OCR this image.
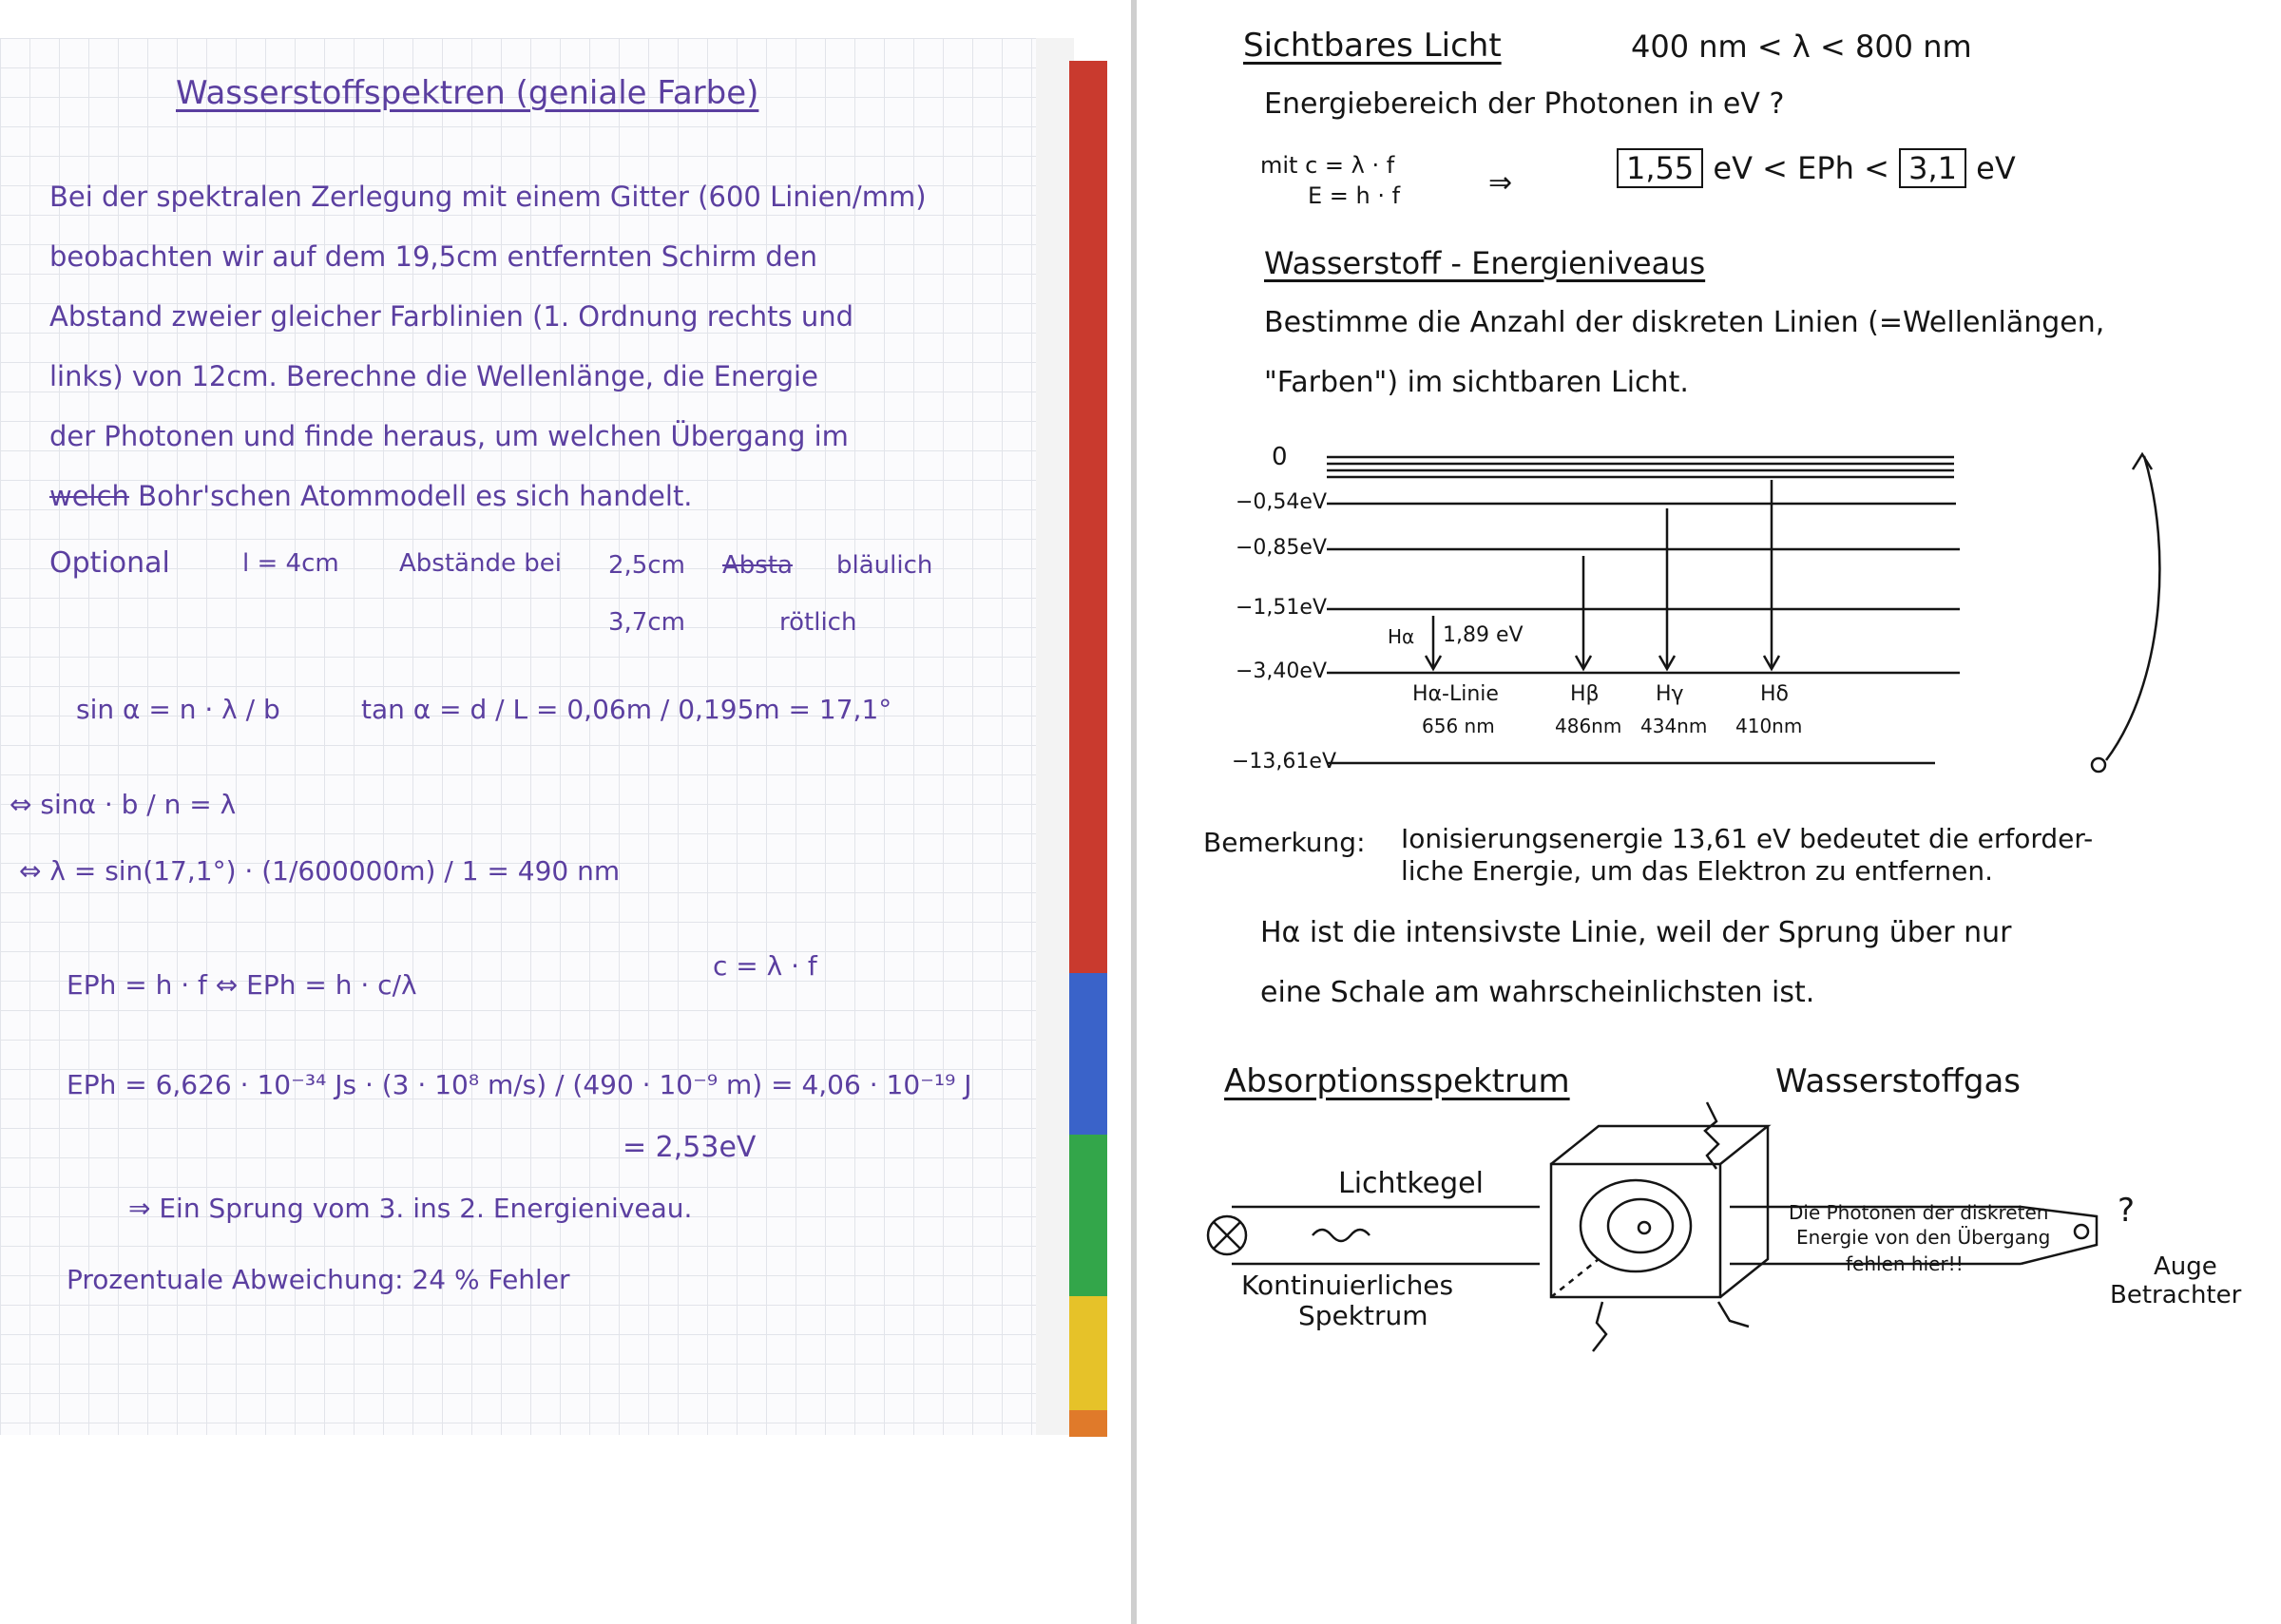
Wasserstoffspektren (geniale Farbe)
Bei der spektralen Zerlegung mit einem Gitter (600 Linien/mm)
beobachten wir auf dem 19,5cm entfernten Schirm den
Abstand zweier gleicher Farblinien (1. Ordnung rechts und
links) von 12cm. Berechne die Wellenlänge, die Energie
der Photonen und finde heraus, um welchen Übergang im
welch Bohr'schen Atommodell es sich handelt.
Optional	l = 4cm Abstände bei 2,5cm Absta bläulich
3,7cm	rötlich
sin α = n · λ / b	tan α = d / L = 0,06m / 0,195m = 17,1°
⇔ sinα · b / n = λ
⇔ λ = sin(17,1°) · (1/600000m) / 1 = 490 nm
EPh = h · f ⇔ EPh = h · c/λ
c = λ · f
EPh = 6,626 · 10⁻³⁴ Js · (3 · 10⁸ m/s) / (490 · 10⁻⁹ m) = 4,06 · 10⁻¹⁹ J
= 2,53eV
⇒ Ein Sprung vom 3. ins 2. Energieniveau.
Prozentuale Abweichung: 24 % Fehler
Sichtbares Licht	400 nm < λ < 800 nm
Energiebereich der Photonen in eV ?
mit c = λ · f
E = h · f	⇒	1,55 eV < EPh < 3,1 eV
Wasserstoff - Energieniveaus
Bestimme die Anzahl der diskreten Linien (=Wellenlängen,
"Farben") im sichtbaren Licht.
0
−0,54eV
−0,85eV
−1,51eV
−3,40eV
−13,61eV
Hα 1,89 eV
Hα-Linie
656 nm
Hβ
486nm
Hγ
434nm
Hδ
410nm
Bemerkung: Ionisierungsenergie 13,61 eV bedeutet die erforder-
liche Energie, um das Elektron zu entfernen.
Hα ist die intensivste Linie, weil der Sprung über nur
eine Schale am wahrscheinlichsten ist.
Absorptionsspektrum	Wasserstoffgas
Lichtkegel
Kontinuierliches
Spektrum
Die Photonen der diskreten
Energie von den Übergang
fehlen hier!!
?
Auge
Betrachter
